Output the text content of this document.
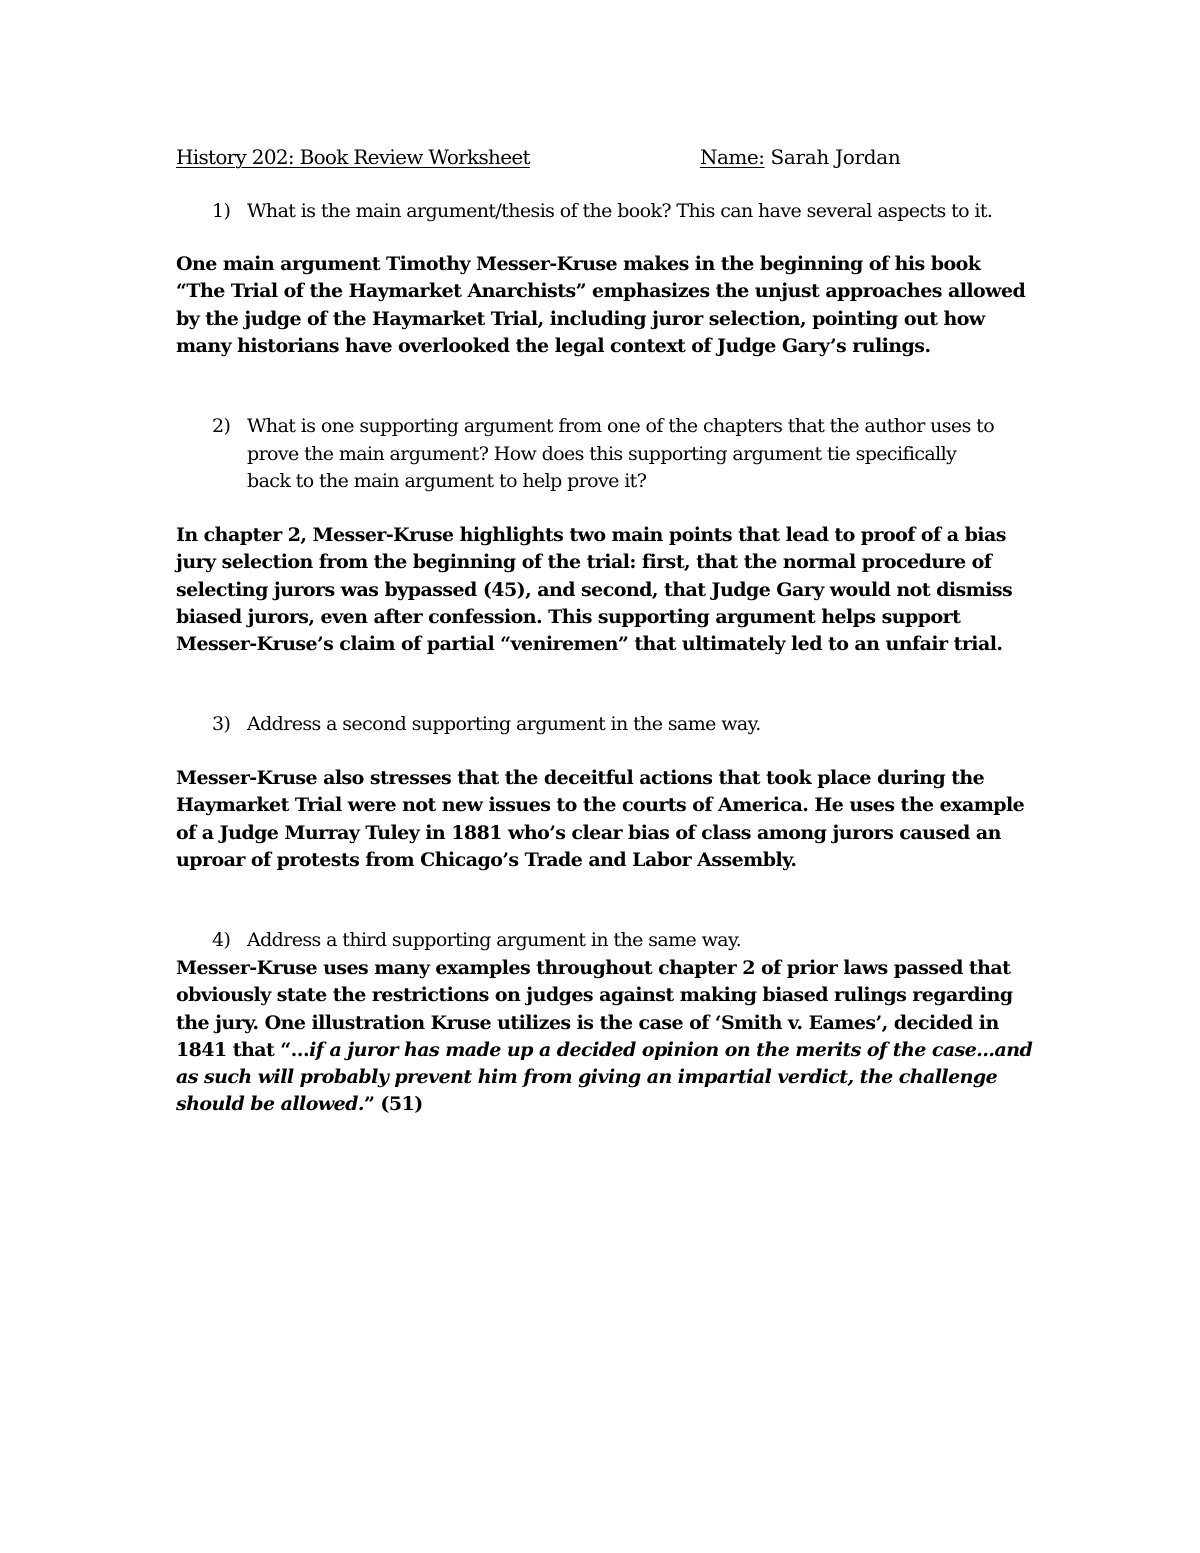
History 202: Book Review Worksheet	Name: Sarah Jordan
1) What is the main argument/thesis of the book? This can have several aspects to it.
One main argument Timothy Messer-Kruse makes in the beginning of his book
“The Trial of the Haymarket Anarchists” emphasizes the unjust approaches allowed
by the judge of the Haymarket Trial, including juror selection, pointing out how
many historians have overlooked the legal context of Judge Gary’s rulings.
2) What is one supporting argument from one of the chapters that the author uses to
prove the main argument? How does this supporting argument tie specifically
back to the main argument to help prove it?
In chapter 2, Messer-Kruse highlights two main points that lead to proof of a bias
jury selection from the beginning of the trial: first, that the normal procedure of
selecting jurors was bypassed (45), and second, that Judge Gary would not dismiss
biased jurors, even after confession. This supporting argument helps support
Messer-Kruse’s claim of partial “veniremen” that ultimately led to an unfair trial.
3) Address a second supporting argument in the same way.
Messer-Kruse also stresses that the deceitful actions that took place during the
Haymarket Trial were not new issues to the courts of America. He uses the example
of a Judge Murray Tuley in 1881 who’s clear bias of class among jurors caused an
uproar of protests from Chicago’s Trade and Labor Assembly.
4) Address a third supporting argument in the same way.
Messer-Kruse uses many examples throughout chapter 2 of prior laws passed that
obviously state the restrictions on judges against making biased rulings regarding
the jury. One illustration Kruse utilizes is the case of ‘Smith v. Eames’, decided in
1841 that “…if a juror has made up a decided opinion on the merits of the case...and
as such will probably prevent him from giving an impartial verdict, the challenge
should be allowed.” (51)
